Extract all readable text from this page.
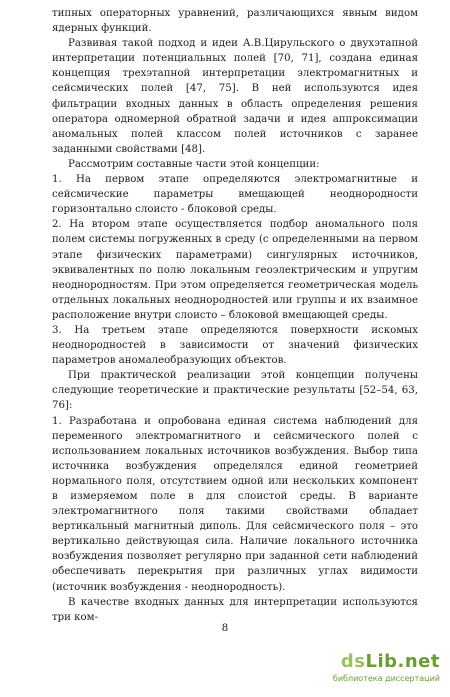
типных операторных уравнений, различающихся явным видом ядерных функций.

Развивая такой подход и идеи А.В.Цирульского о двухэтапной интерпретации потенциальных полей [70, 71], создана единая концепция трехэтапной интерпретации электромагнитных и сейсмических полей [47, 75]. В ней используются идея фильтрации входных данных в область определения решения оператора одномерной обратной задачи и идея аппроксимации аномальных полей классом полей источников с заранее заданными свойствами [48].

Рассмотрим составные части этой концепции:

1. На первом этапе определяются электромагнитные и сейсмические параметры вмещающей неоднородности горизонтально слоисто - блоковой среды.

2. На втором этапе осуществляется подбор аномального поля полем системы погруженных в среду (с определенными на первом этапе физических параметрами) сингулярных источников, эквивалентных по полю локальным геоэлектрическим и упругим неоднородностям. При этом определяется геометрическая модель отдельных локальных неоднородностей или группы и их взаимное расположение внутри слоисто – блоковой вмещающей среды.

3. На третьем этапе определяются поверхности искомых неоднородностей в зависимости от значений физических параметров аномалеобразующих объектов.

При практической реализации этой концепции получены следующие теоретические и практические результаты [52–54, 63, 76]:

1. Разработана и опробована единая система наблюдений для переменного электромагнитного и сейсмического полей с использованием локальных источников возбуждения. Выбор типа источника возбуждения определялся единой геометрией нормального поля, отсутствием одной или нескольких компонент в измеряемом поле в для слоистой среды. В варианте электромагнитного поля такими свойствами обладает вертикальный магнитный диполь. Для сейсмического поля – это вертикально действующая сила. Наличие локального источника возбуждения позволяет регулярно при заданной сети наблюдений обеспечивать перекрытия при различных углах видимости (источник возбуждения - неоднородность).

В качестве входных данных для интерпретации используются три ком-

8
dsLib.net
библиотека диссертаций
